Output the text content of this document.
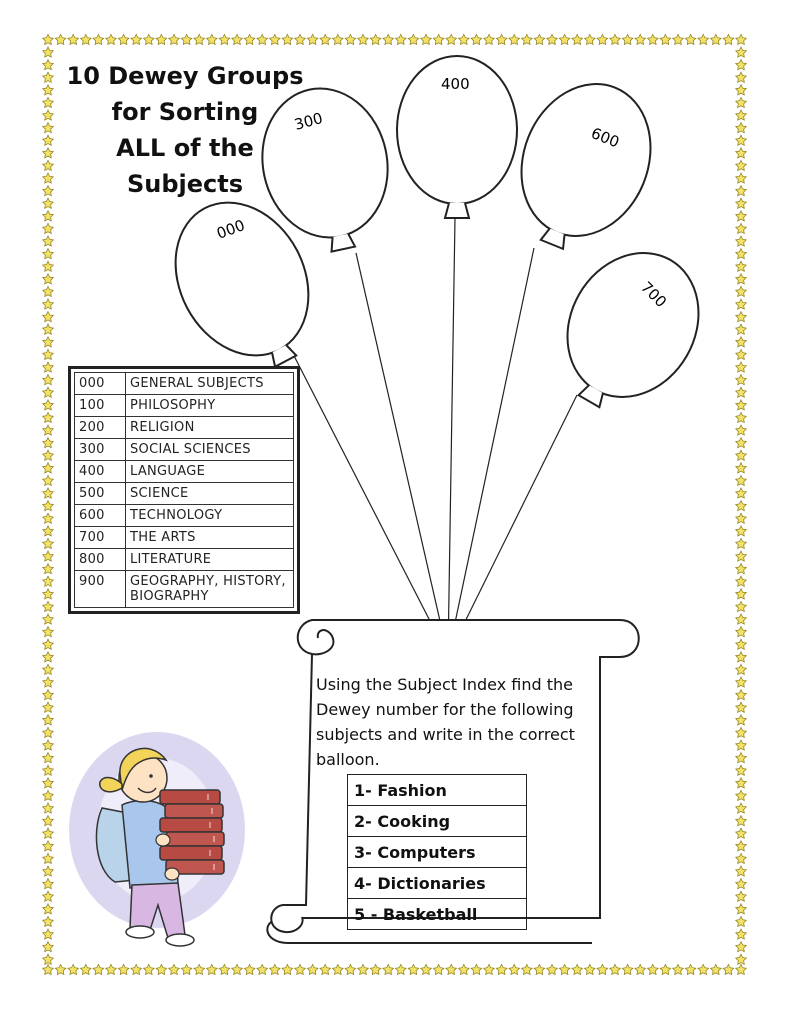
000
300
400
600
700
10 Dewey Groups
for Sorting
ALL of the
Subjects
000	GENERAL SUBJECTS
100	PHILOSOPHY
200	RELIGION
300	SOCIAL SCIENCES
400	LANGUAGE
500	SCIENCE
600	TECHNOLOGY
700	THE ARTS
800	LITERATURE
900	GEOGRAPHY, HISTORY, BIOGRAPHY
Using the Subject Index find the Dewey number for the following subjects and write in the correct balloon.
1- Fashion
2- Cooking
3- Computers
4- Dictionaries
5 - Basketball
